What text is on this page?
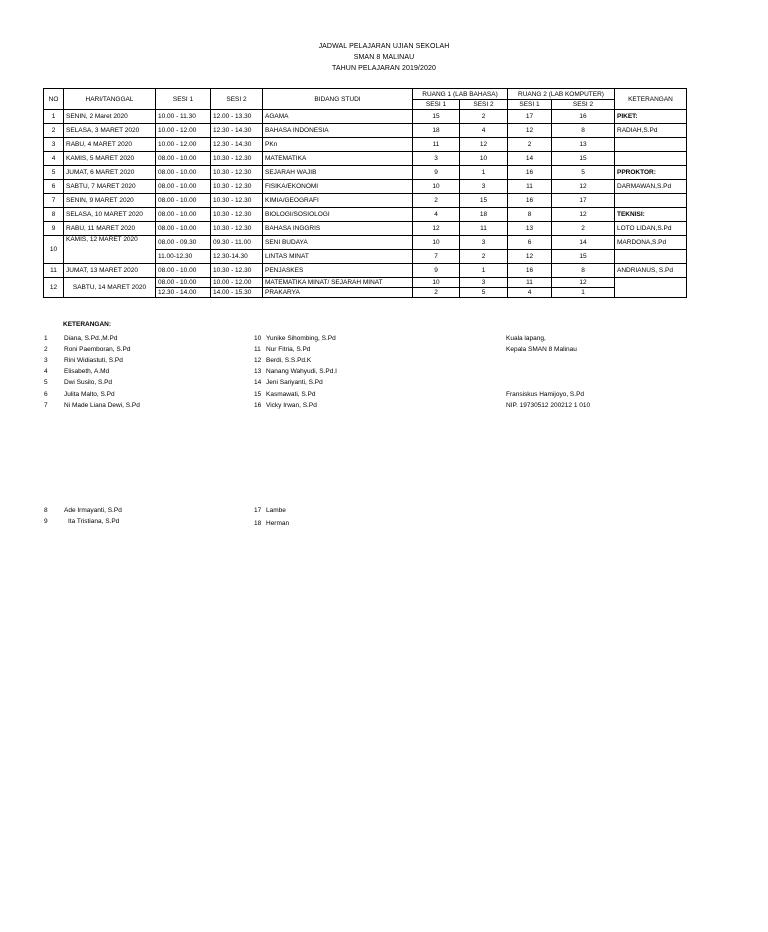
JADWAL PELAJARAN UJIAN SEKOLAH
SMAN 8 MALINAU
TAHUN PELAJARAN 2019/2020
NO	HARI/TANGGAL	SESI 1	SESI 2	BIDANG STUDI	RUANG 1 (LAB BAHASA)		RUANG 2 (LAB KOMPUTER)		KETERANGAN
					SESI 1	SESI 2	SESI 1	SESI 2	
1	SENIN, 2 Maret 2020	10.00 - 11.30	12.00 - 13.30	AGAMA	15	2	17	16	PIKET:
2	SELASA, 3 MARET 2020	10.00 - 12.00	12.30 - 14.30	BAHASA INDONESIA	18	4	12	8	RADIAH,S.Pd
3	RABU, 4 MARET 2020	10.00 - 12.00	12.30 - 14.30	PKn	11	12	2	13	
4	KAMIS, 5 MARET 2020	08.00 - 10.00	10.30 - 12.30	MATEMATIKA	3	10	14	15	
5	JUMAT, 6 MARET 2020	08.00 - 10.00	10.30 - 12.30	SEJARAH WAJIB	9	1	16	5	PPROKTOR:
6	SABTU, 7 MARET 2020	08.00 - 10.00	10.30 - 12.30	FISIKA/EKONOMI	10	3	11	12	DARMAWAN,S.Pd
7	SENIN, 9 MARET 2020	08.00 - 10.00	10.30 - 12.30	KIMIA/GEOGRAFI	2	15	16	17	
8	SELASA, 10 MARET 2020	08.00 - 10.00	10.30 - 12.30	BIOLOGI/SOSIOLOGI	4	18	8	12	TEKNISI:
9	RABU, 11 MARET 2020	08.00 - 10.00	10.30 - 12.30	BAHASA INGGRIS	12	11	13	2	LOTO LIDAN,S.Pd
10	KAMIS, 12 MARET 2020	08.00 - 09.30	09.30 - 11.00	SENI BUDAYA	10	3	6	14	MARDONA,S.Pd
		11.00-12.30	12.30-14.30	LINTAS MINAT	7	2	12	15	
11	JUMAT, 13 MARET 2020	08.00 - 10.00	10.30 - 12.30	PENJASKES	9	1	16	8	ANDRIANUS, S.Pd
12	SABTU, 14 MARET 2020	08.00 - 10.00	10.00 - 12.00	MATEMATIKA MINAT/ SEJARAH MINAT	10	3	11	12	
		12.30 - 14.00	14.00 - 15.30	PRAKARYA	2	5	4	1	
KETERANGAN:
1	Diana, S.Pd.,M.Pd
2	Roni Paemboran, S.Pd
3	Rini Widiastuti, S.Pd
4	Elisabeth, A.Md
5	Dwi Susilo, S.Pd
6	Julita Malto, S.Pd
7	Ni Made Liana Dewi, S.Pd
10 Yunike Sihombing, S.Pd
11 Nur Fitria, S.Pd
12 Berdi, S.S.Pd.K
13 Nanang Wahyudi, S.Pd.I
14 Jeni Sariyanti, S.Pd
15 Kasmawati, S.Pd
16 Vicky Irwan, S.Pd
Kuala lapang,
Kepala SMAN 8 Malinau
Fransiskus Hamijoyo, S.Pd
NIP. 19730512 200212 1 010
8	Ade Irmayanti, S.Pd
9	Ita Tristiana, S.Pd
17 Lambe
18 Herman
